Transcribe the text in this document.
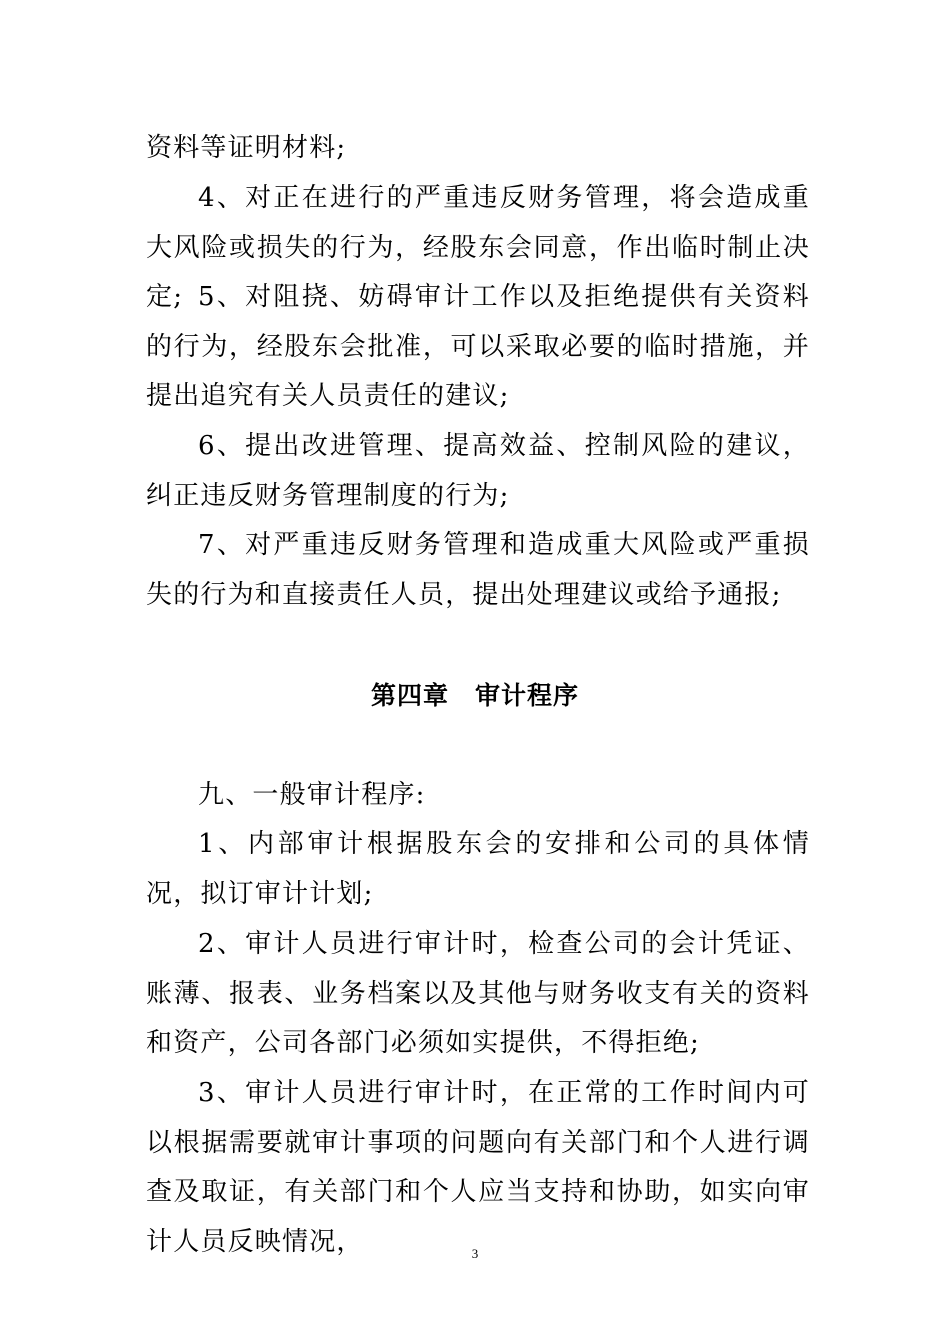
资料等证明材料;

4、对正在进行的严重违反财务管理，将会造成重大风险或损失的行为，经股东会同意，作出临时制止决定; 5、对阻挠、妨碍审计工作以及拒绝提供有关资料的行为，经股东会批准，可以采取必要的临时措施，并提出追究有关人员责任的建议;

6、提出改进管理、提高效益、控制风险的建议，纠正违反财务管理制度的行为;

7、对严重违反财务管理和造成重大风险或严重损失的行为和直接责任人员，提出处理建议或给予通报;

第四章　审计程序

九、一般审计程序:

1、内部审计根据股东会的安排和公司的具体情况，拟订审计计划;

2、审计人员进行审计时，检查公司的会计凭证、账薄、报表、业务档案以及其他与财务收支有关的资料和资产，公司各部门必须如实提供，不得拒绝;

3、审计人员进行审计时，在正常的工作时间内可以根据需要就审计事项的问题向有关部门和个人进行调查及取证，有关部门和个人应当支持和协助，如实向审计人员反映情况，	3
